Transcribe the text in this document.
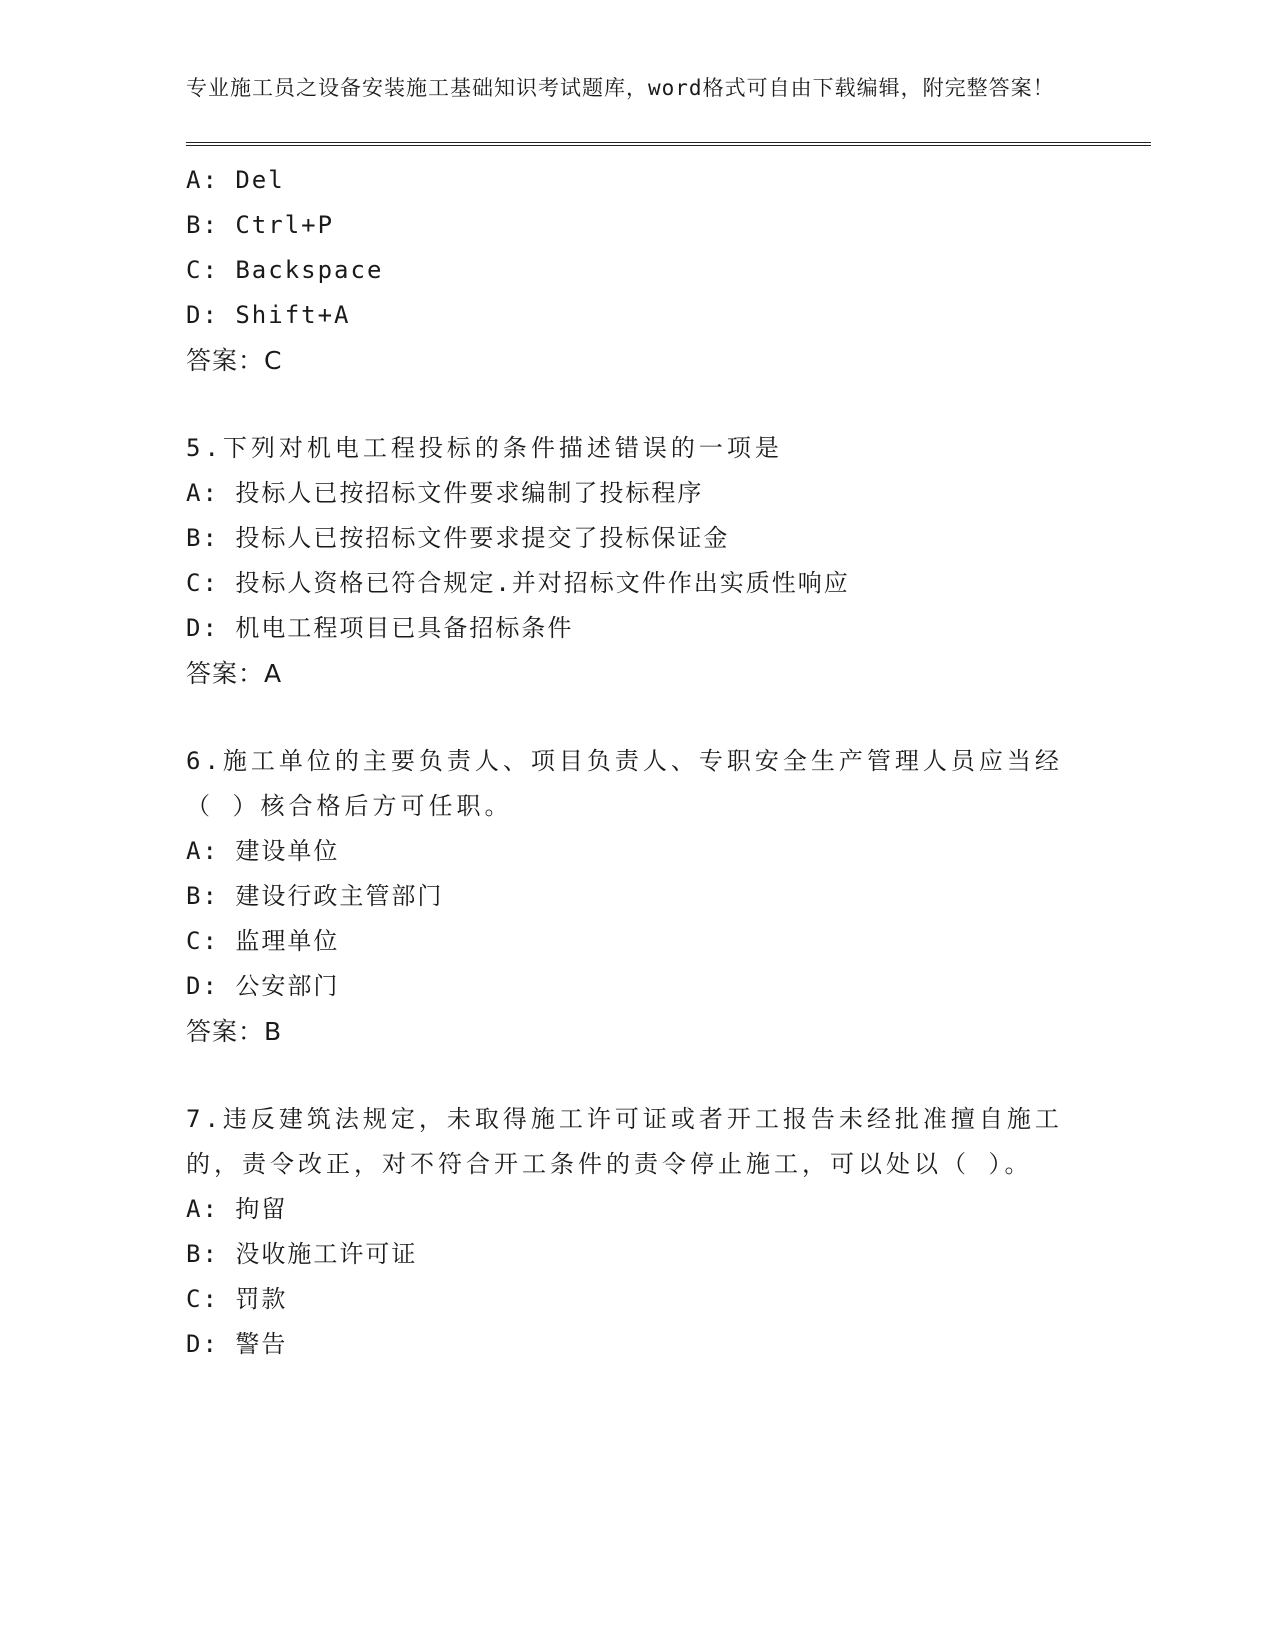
专业施工员之设备安装施工基础知识考试题库，word格式可自由下载编辑，附完整答案！

A: Del

B: Ctrl+P

C: Backspace

D: Shift+A

答案：C

5.下列对机电工程投标的条件描述错误的一项是

A: 投标人已按招标文件要求编制了投标程序

B: 投标人已按招标文件要求提交了投标保证金

C: 投标人资格已符合规定.并对招标文件作出实质性响应

D: 机电工程项目已具备招标条件

答案：A

6.施工单位的主要负责人、项目负责人、专职安全生产管理人员应当经（ ）核合格后方可任职。

A: 建设单位

B: 建设行政主管部门

C: 监理单位

D: 公安部门

答案：B

7.违反建筑法规定，未取得施工许可证或者开工报告未经批准擅自施工的，责令改正，对不符合开工条件的责令停止施工，可以处以（ ）。

A: 拘留

B: 没收施工许可证

C: 罚款

D: 警告
